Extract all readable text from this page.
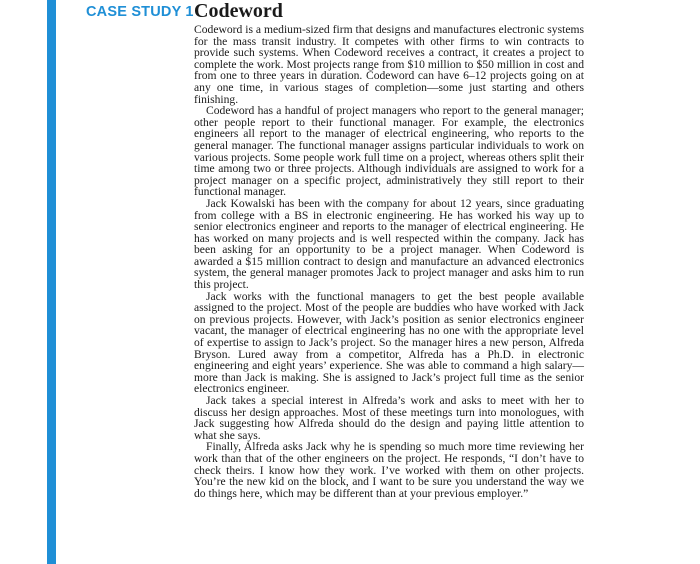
CASE STUDY 1 Codeword

Codeword is a medium-sized firm that designs and manufactures electronic systems for the mass transit industry. It competes with other firms to win contracts to provide such systems. When Codeword receives a contract, it creates a project to complete the work. Most projects range from $10 million to $50 million in cost and from one to three years in duration. Codeword can have 6–12 projects going on at any one time, in various stages of completion—some just starting and others finishing.

Codeword has a handful of project managers who report to the general manager; other people report to their functional manager. For example, the electronics engineers all report to the manager of electrical engineering, who reports to the general manager. The functional manager assigns particular individuals to work on various projects. Some people work full time on a project, whereas others split their time among two or three projects. Although individuals are assigned to work for a project manager on a specific project, administratively they still report to their functional manager.

Jack Kowalski has been with the company for about 12 years, since graduating from college with a BS in electronic engineering. He has worked his way up to senior electronics engineer and reports to the manager of electrical engineering. He has worked on many projects and is well respected within the company. Jack has been asking for an opportunity to be a project manager. When Codeword is awarded a $15 million contract to design and manufacture an advanced electronics system, the general manager promotes Jack to project manager and asks him to run this project.

Jack works with the functional managers to get the best people available assigned to the project. Most of the people are buddies who have worked with Jack on previous projects. However, with Jack’s position as senior electronics engineer vacant, the manager of electrical engineering has no one with the appropriate level of expertise to assign to Jack’s project. So the manager hires a new person, Alfreda Bryson. Lured away from a competitor, Alfreda has a Ph.D. in electronic engineering and eight years’ experience. She was able to command a high salary—more than Jack is making. She is assigned to Jack’s project full time as the senior electronics engineer.

Jack takes a special interest in Alfreda’s work and asks to meet with her to discuss her design approaches. Most of these meetings turn into monologues, with Jack suggesting how Alfreda should do the design and paying little attention to what she says.

Finally, Alfreda asks Jack why he is spending so much more time reviewing her work than that of the other engineers on the project. He responds, “I don’t have to check theirs. I know how they work. I’ve worked with them on other projects. You’re the new kid on the block, and I want to be sure you understand the way we do things here, which may be different than at your previous employer.”
